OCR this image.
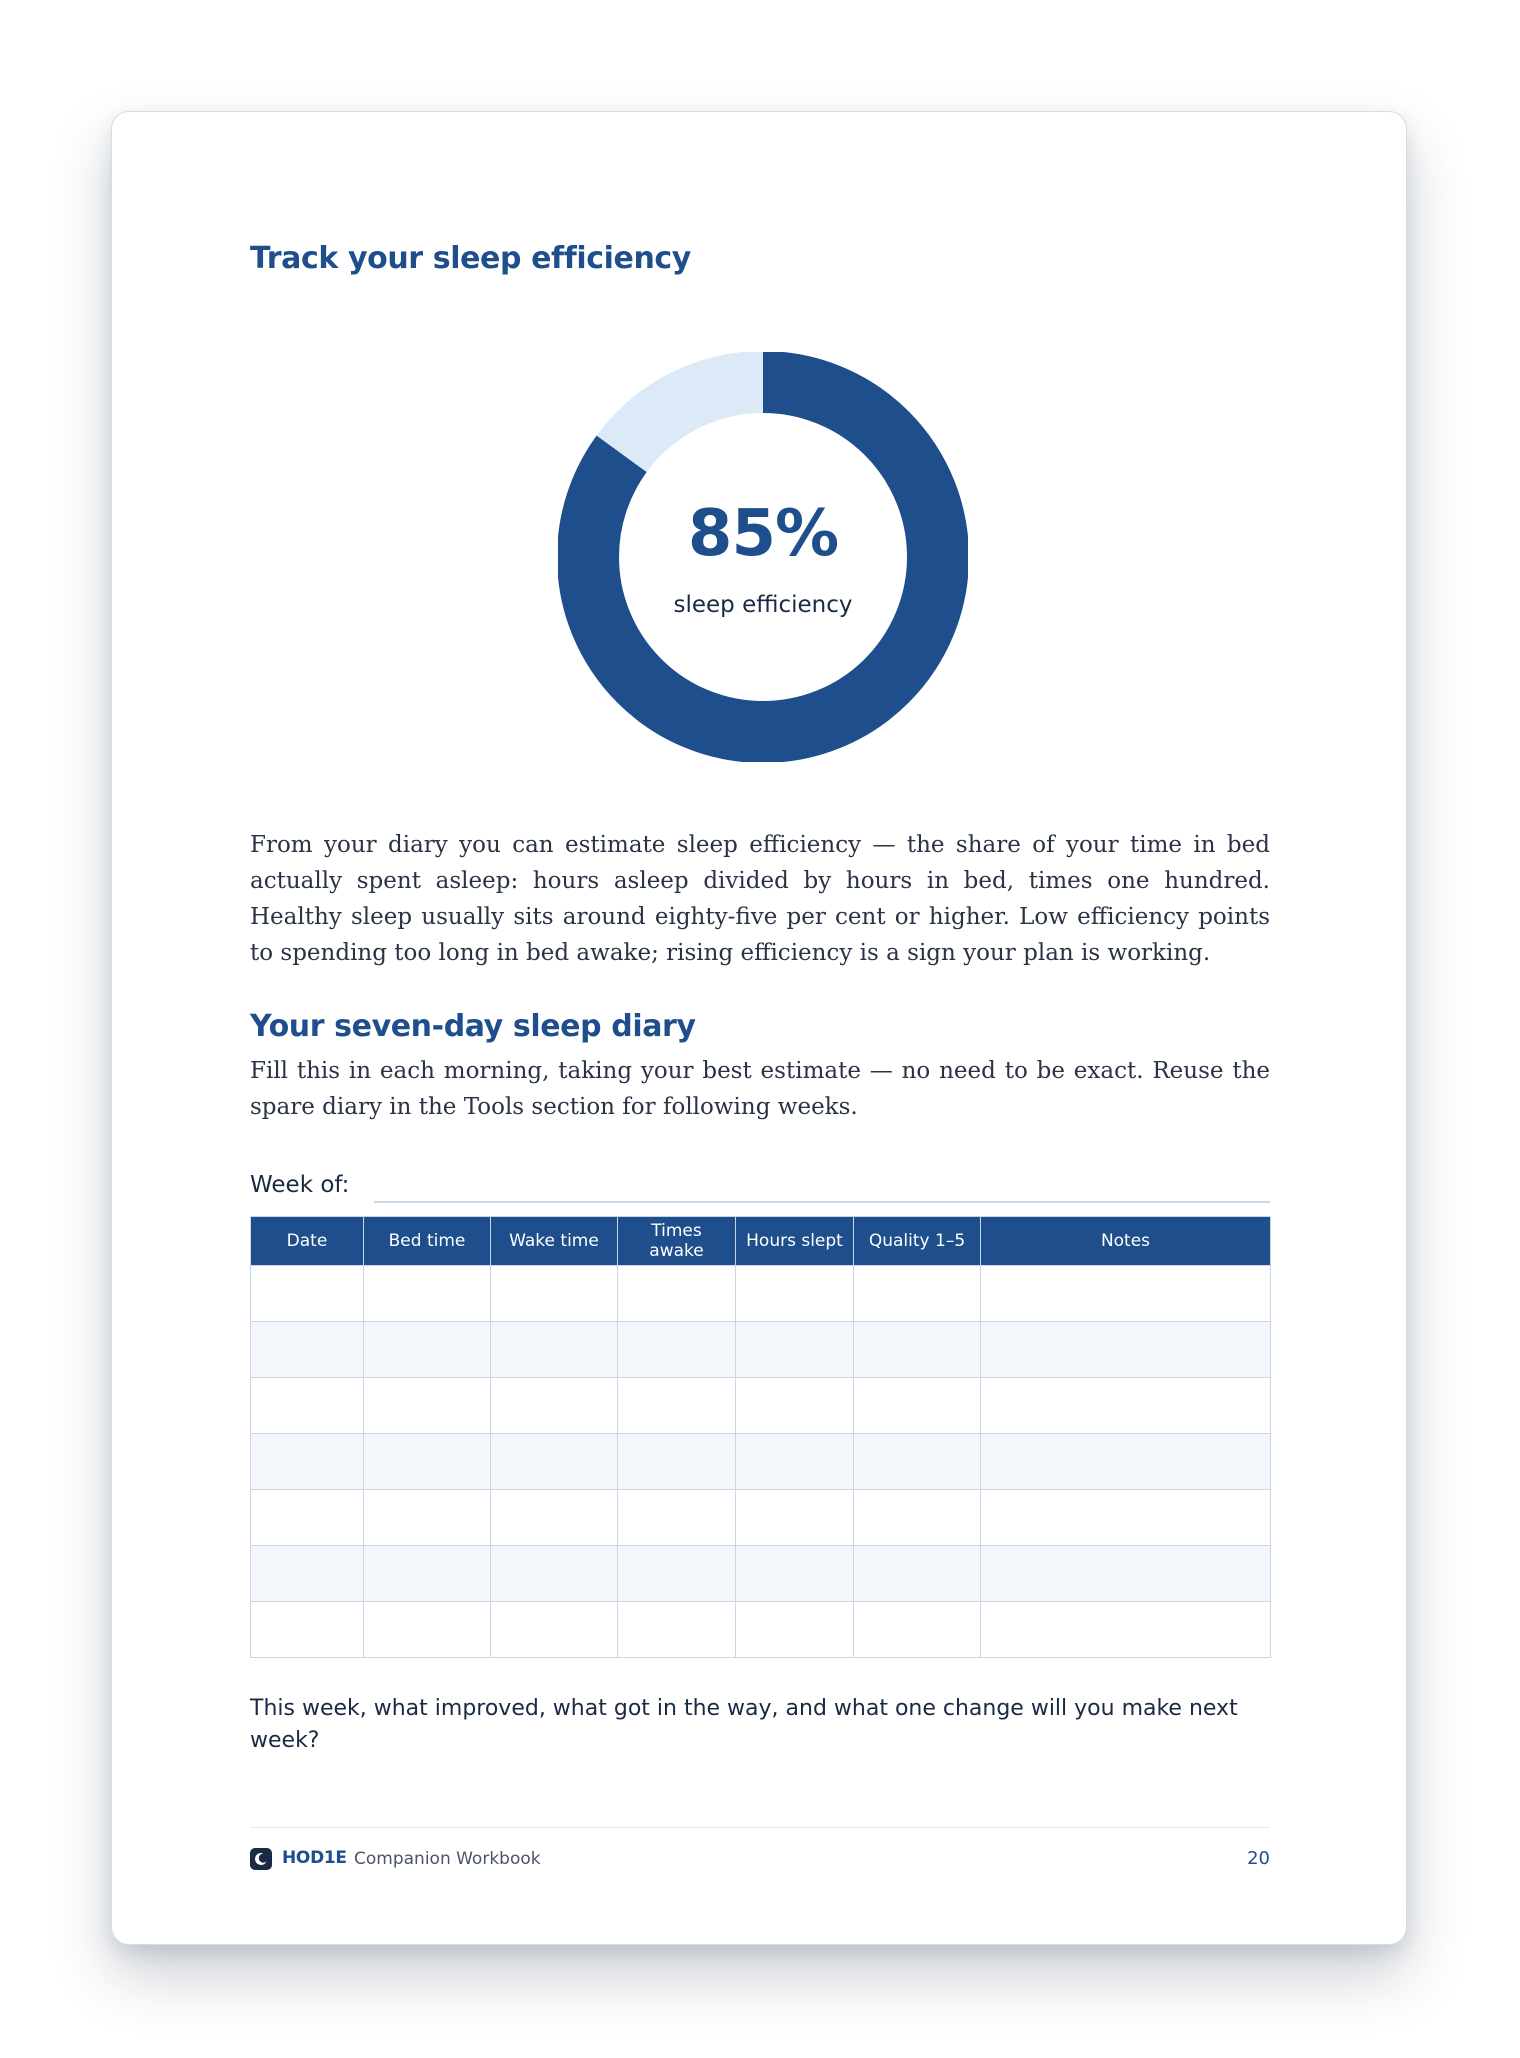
Track your sleep efficiency
85%
sleep efficiency

From your diary you can estimate sleep efficiency — the share of your time in bed actually spent asleep: hours asleep divided by hours in bed, times one hundred. Healthy sleep usually sits around eighty-five per cent or higher. Low efficiency points to spending too long in bed awake; rising efficiency is a sign your plan is working.

Your seven-day sleep diary

Fill this in each morning, taking your best estimate — no need to be exact. Reuse the spare diary in the Tools section for following weeks.

Week of:
Date	Bed time	Wake time	Times awake	Hours slept	Quality 1–5	Notes

This week, what improved, what got in the way, and what one change will you make next week?

HOD1E Companion Workbook	20
